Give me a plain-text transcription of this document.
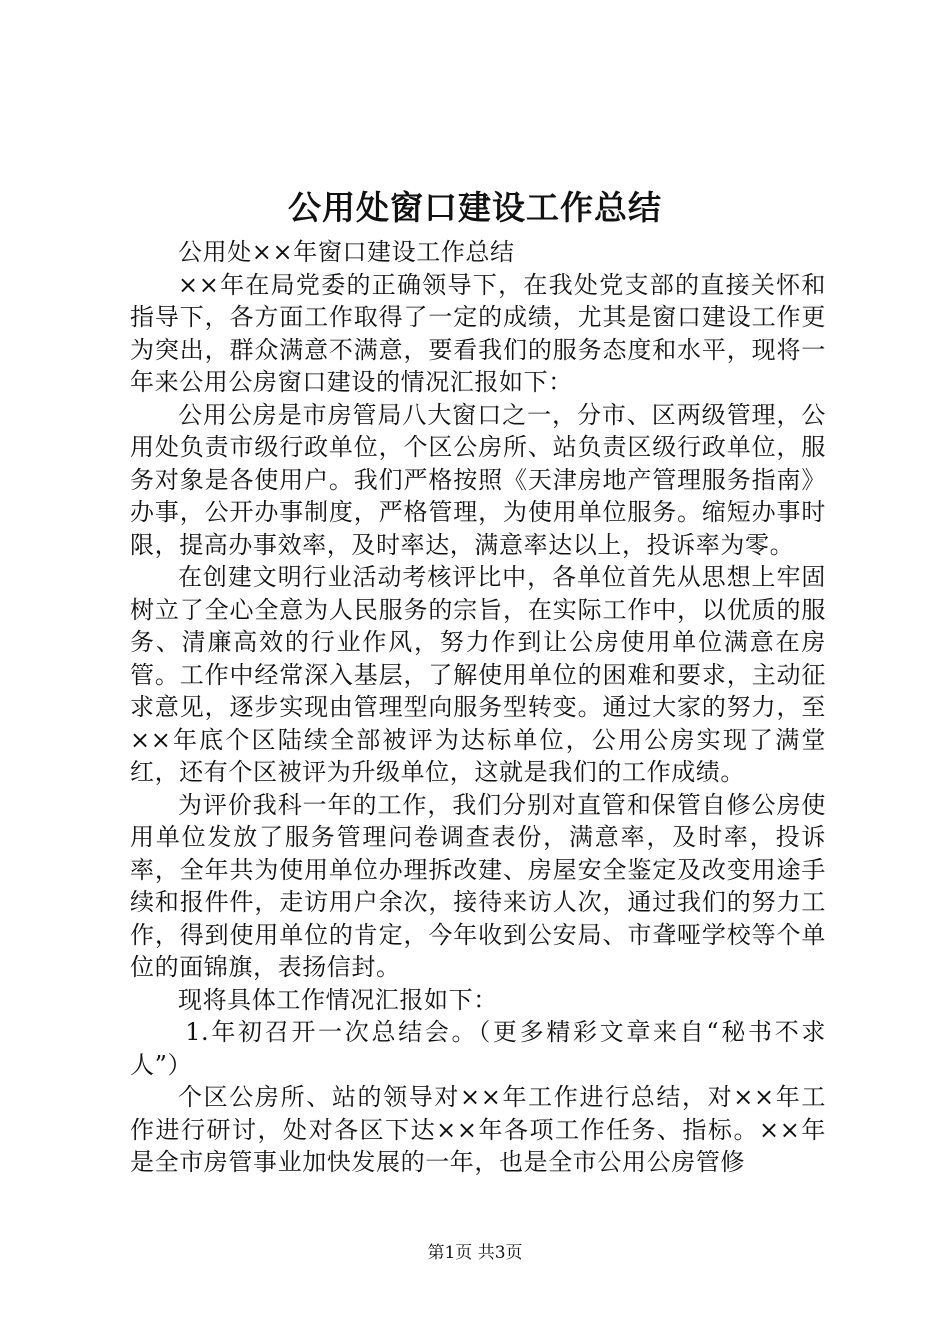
公用处窗口建设工作总结

公用处××年窗口建设工作总结

××年在局党委的正确领导下，在我处党支部的直接关怀和指导下，各方面工作取得了一定的成绩，尤其是窗口建设工作更为突出，群众满意不满意，要看我们的服务态度和水平，现将一年来公用公房窗口建设的情况汇报如下：

公用公房是市房管局八大窗口之一，分市、区两级管理，公用处负责市级行政单位，个区公房所、站负责区级行政单位，服务对象是各使用户。我们严格按照《天津房地产管理服务指南》办事，公开办事制度，严格管理，为使用单位服务。缩短办事时限，提高办事效率，及时率达，满意率达以上，投诉率为零。

在创建文明行业活动考核评比中，各单位首先从思想上牢固树立了全心全意为人民服务的宗旨，在实际工作中，以优质的服务、清廉高效的行业作风，努力作到让公房使用单位满意在房管。工作中经常深入基层，了解使用单位的困难和要求，主动征求意见，逐步实现由管理型向服务型转变。通过大家的努力，至××年底个区陆续全部被评为达标单位，公用公房实现了满堂红，还有个区被评为升级单位，这就是我们的工作成绩。

为评价我科一年的工作，我们分别对直管和保管自修公房使用单位发放了服务管理问卷调查表份，满意率，及时率，投诉率，全年共为使用单位办理拆改建、房屋安全鉴定及改变用途手续和报件件，走访用户余次，接待来访人次，通过我们的努力工作，得到使用单位的肯定，今年收到公安局、市聋哑学校等个单位的面锦旗，表扬信封。

现将具体工作情况汇报如下：

1.年初召开一次总结会。（更多精彩文章来自“秘书不求人”）

个区公房所、站的领导对××年工作进行总结，对××年工作进行研讨，处对各区下达××年各项工作任务、指标。××年是全市房管事业加快发展的一年，也是全市公用公房管修

第1页 共3页
